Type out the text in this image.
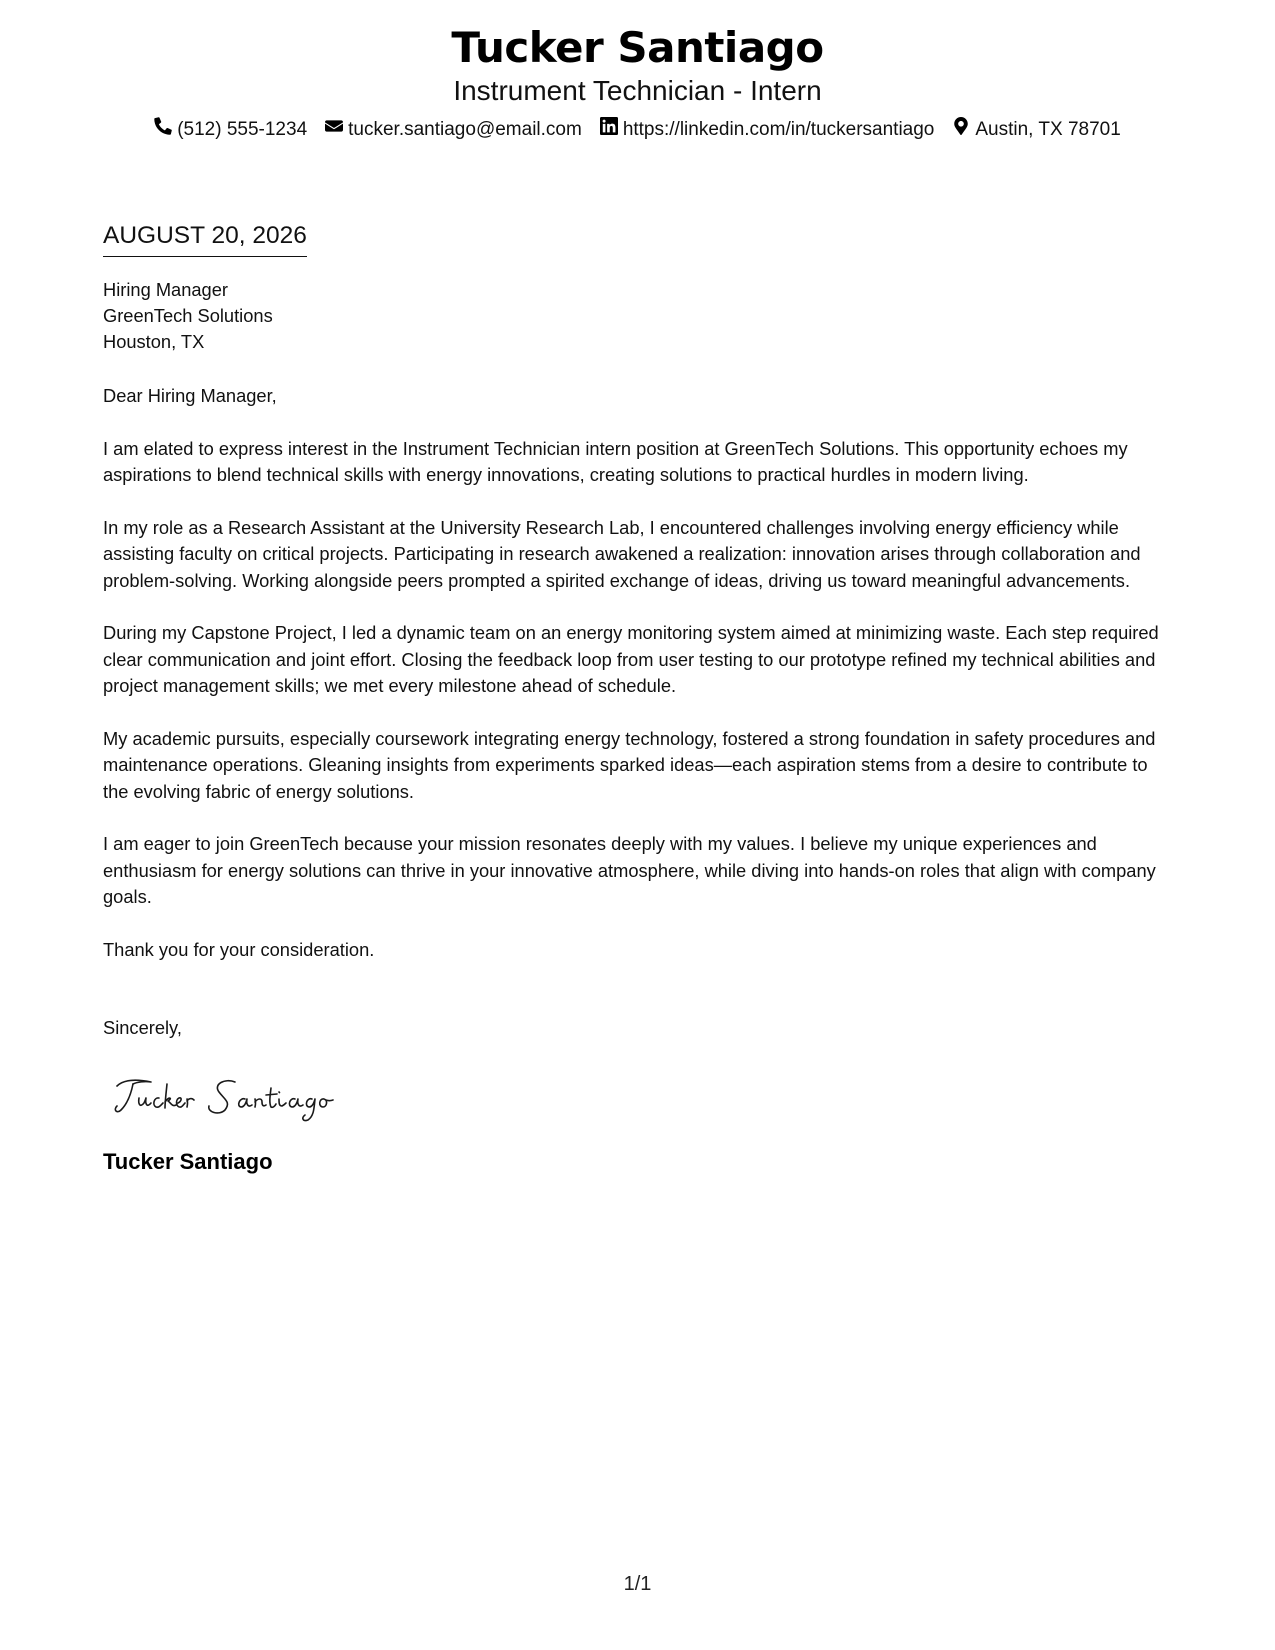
Tucker Santiago
Instrument Technician - Intern
(512) 555-1234 tucker.santiago@email.com https://linkedin.com/in/tuckersantiago Austin, TX 78701
AUGUST 20, 2026
Hiring Manager
GreenTech Solutions
Houston, TX
Dear Hiring Manager,
I am elated to express interest in the Instrument Technician intern position at GreenTech Solutions. This opportunity echoes my aspirations to blend technical skills with energy innovations, creating solutions to practical hurdles in modern living.
In my role as a Research Assistant at the University Research Lab, I encountered challenges involving energy efficiency while assisting faculty on critical projects. Participating in research awakened a realization: innovation arises through collaboration and problem-solving. Working alongside peers prompted a spirited exchange of ideas, driving us toward meaningful advancements.
During my Capstone Project, I led a dynamic team on an energy monitoring system aimed at minimizing waste. Each step required clear communication and joint effort. Closing the feedback loop from user testing to our prototype refined my technical abilities and project management skills; we met every milestone ahead of schedule.
My academic pursuits, especially coursework integrating energy technology, fostered a strong foundation in safety procedures and maintenance operations. Gleaning insights from experiments sparked ideas—each aspiration stems from a desire to contribute to the evolving fabric of energy solutions.
I am eager to join GreenTech because your mission resonates deeply with my values. I believe my unique experiences and enthusiasm for energy solutions can thrive in your innovative atmosphere, while diving into hands-on roles that align with company goals.
Thank you for your consideration.
Sincerely,
Tucker Santiago
1/1
